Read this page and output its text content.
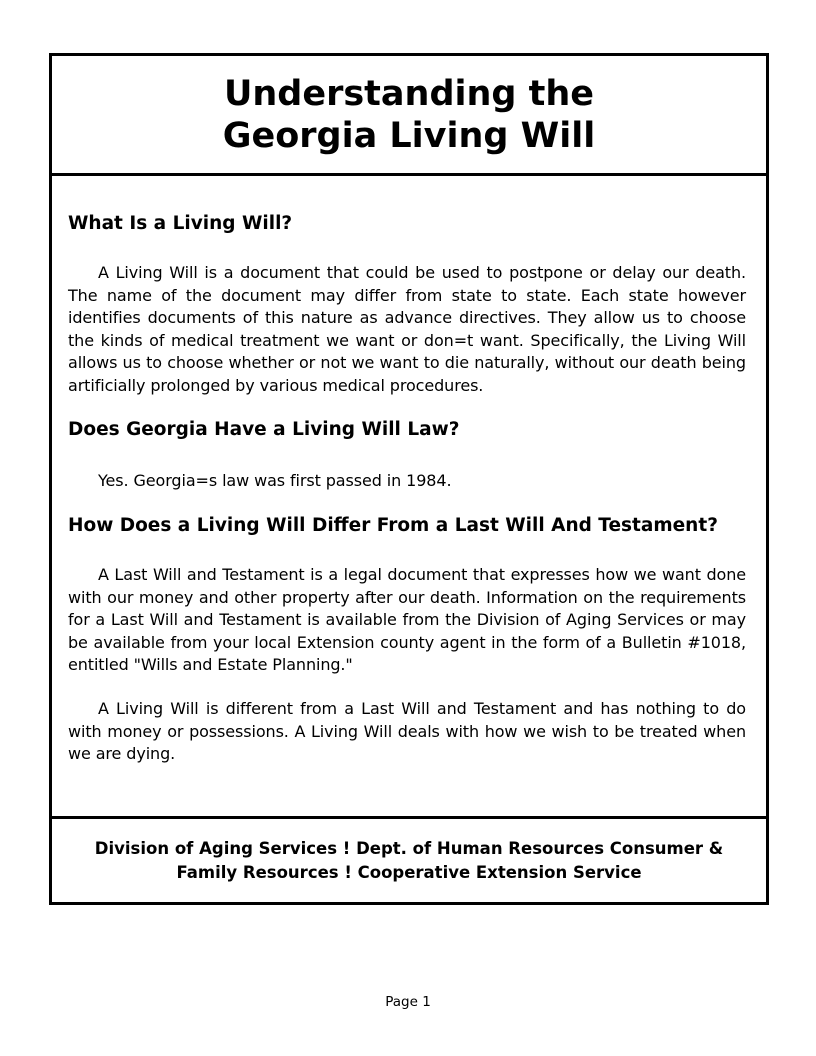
Understanding the
Georgia Living Will
What Is a Living Will?

A Living Will is a document that could be used to postpone or delay our death. The name of the document may differ from state to state. Each state however identifies documents of this nature as advance directives. They allow us to choose the kinds of medical treatment we want or don=t want. Specifically, the Living Will allows us to choose whether or not we want to die naturally, without our death being artificially prolonged by various medical procedures.

Does Georgia Have a Living Will Law?

Yes. Georgia=s law was first passed in 1984.

How Does a Living Will Differ From a Last Will And Testament?

A Last Will and Testament is a legal document that expresses how we want done with our money and other property after our death. Information on the requirements for a Last Will and Testament is available from the Division of Aging Services or may be available from your local Extension county agent in the form of a Bulletin #1018, entitled "Wills and Estate Planning."

A Living Will is different from a Last Will and Testament and has nothing to do with money or possessions. A Living Will deals with how we wish to be treated when we are dying.

Division of Aging Services ! Dept. of Human Resources Consumer &
Family Resources ! Cooperative Extension Service
Page 1
